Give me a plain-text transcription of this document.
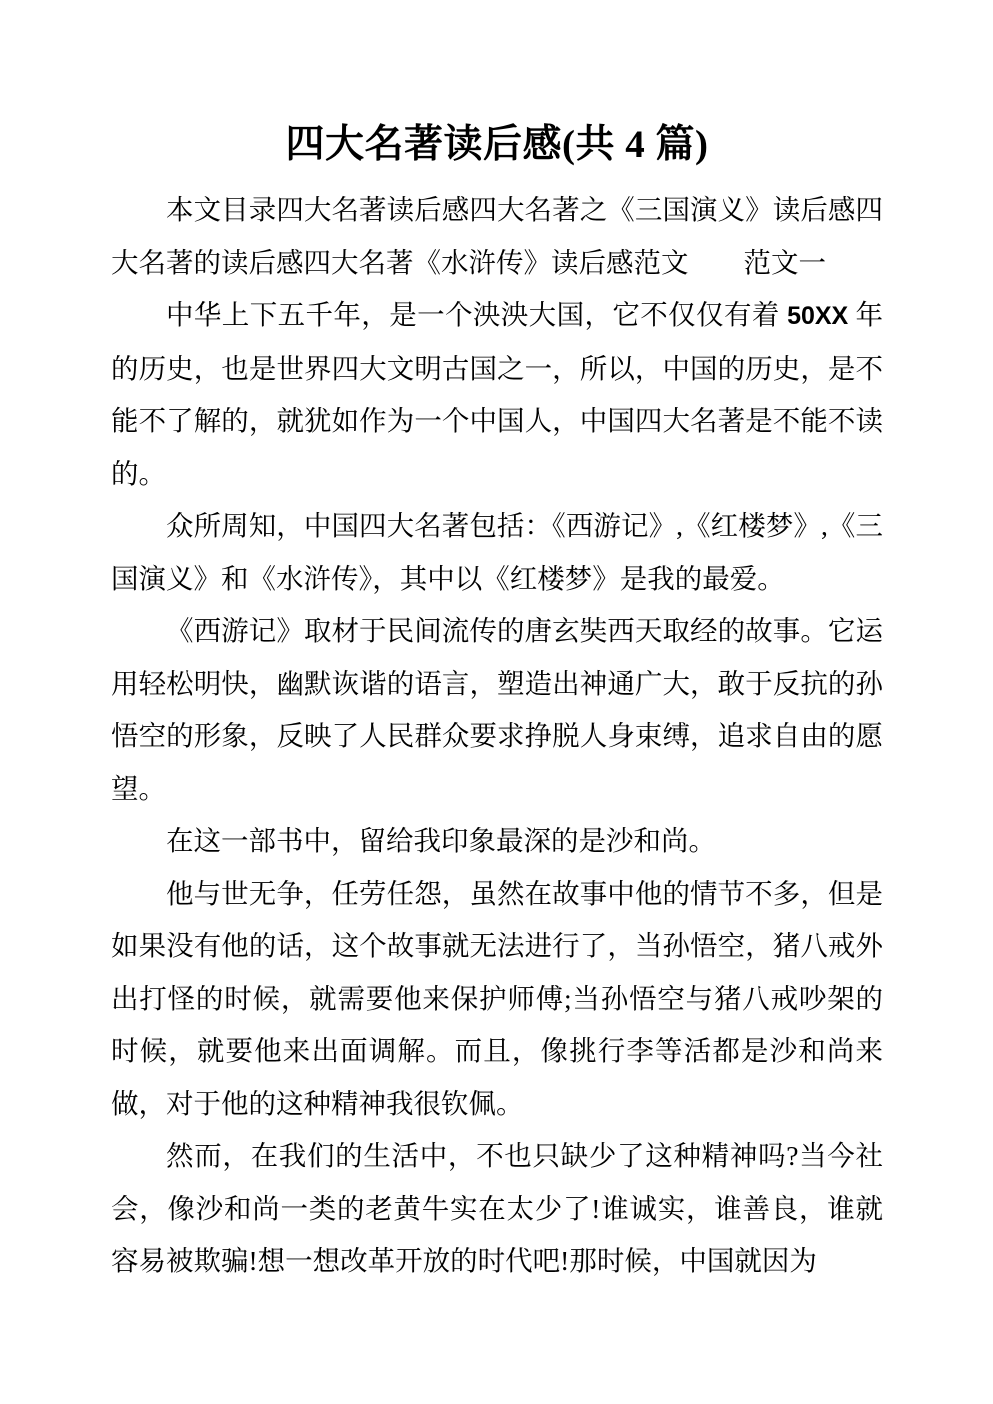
四大名著读后感(共 4 篇)

本文目录四大名著读后感四大名著之《三国演义》读后感四大名著的读后感四大名著《水浒传》读后感范文　　范文一

中华上下五千年，是一个泱泱大国，它不仅仅有着 50XX 年的历史，也是世界四大文明古国之一，所以，中国的历史，是不能不了解的，就犹如作为一个中国人，中国四大名著是不能不读的。

众所周知，中国四大名著包括：《西游记》,《红楼梦》,《三国演义》和《水浒传》，其中以《红楼梦》是我的最爱。

《西游记》取材于民间流传的唐玄奘西天取经的故事。它运用轻松明快，幽默诙谐的语言，塑造出神通广大，敢于反抗的孙悟空的形象，反映了人民群众要求挣脱人身束缚，追求自由的愿望。

在这一部书中，留给我印象最深的是沙和尚。

他与世无争，任劳任怨，虽然在故事中他的情节不多，但是如果没有他的话，这个故事就无法进行了，当孙悟空，猪八戒外出打怪的时候，就需要他来保护师傅;当孙悟空与猪八戒吵架的时候，就要他来出面调解。而且，像挑行李等活都是沙和尚来做，对于他的这种精神我很钦佩。

然而，在我们的生活中，不也只缺少了这种精神吗?当今社会，像沙和尚一类的老黄牛实在太少了!谁诚实，谁善良，谁就容易被欺骗!想一想改革开放的时代吧!那时候，中国就因为
